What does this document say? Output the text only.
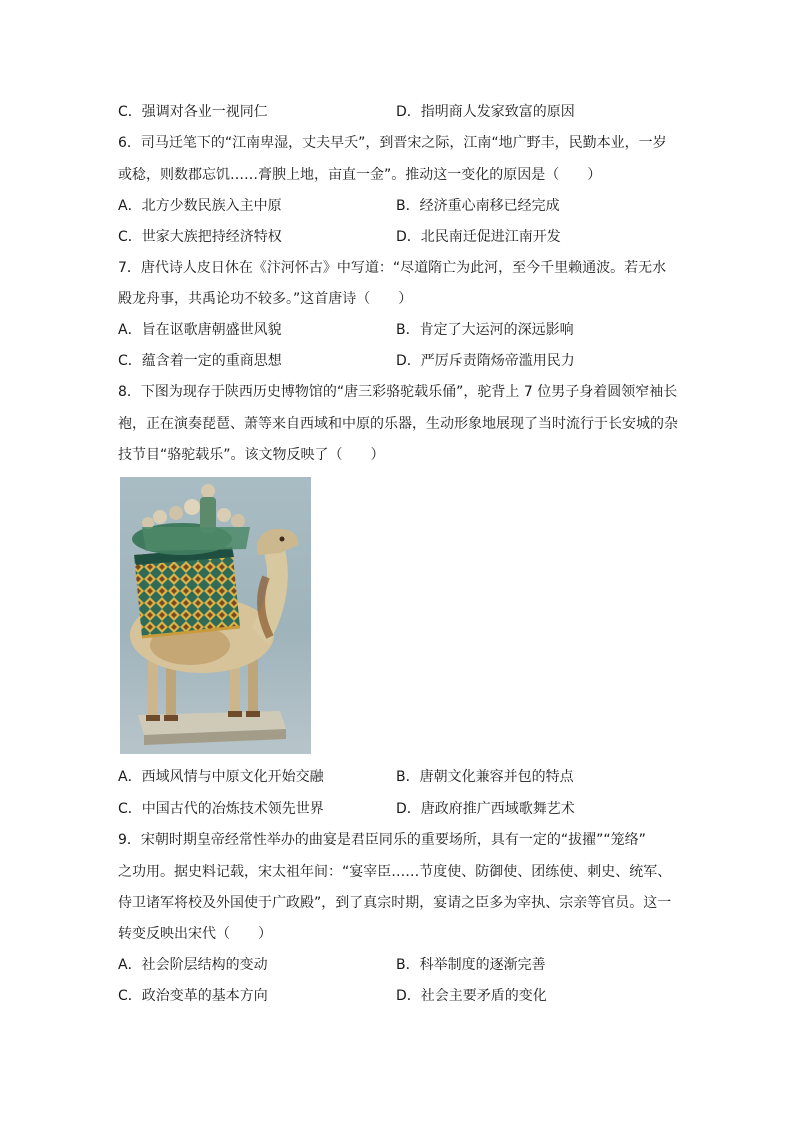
C．强调对各业一视同仁	D．指明商人发家致富的原因
6．司马迁笔下的“江南卑湿，丈夫早夭”，到晋宋之际，江南“地广野丰，民勤本业，一岁
或稔，则数郡忘饥……膏腴上地，亩直一金”。推动这一变化的原因是（　　）
A．北方少数民族入主中原	B．经济重心南移已经完成
C．世家大族把持经济特权	D．北民南迁促进江南开发
7．唐代诗人皮日休在《汴河怀古》中写道：“尽道隋亡为此河，至今千里赖通波。若无水
殿龙舟事，共禹论功不较多。”这首唐诗（　　）
A．旨在讴歌唐朝盛世风貌	B．肯定了大运河的深远影响
C．蕴含着一定的重商思想	D．严厉斥责隋炀帝滥用民力
8．下图为现存于陕西历史博物馆的“唐三彩骆驼载乐俑”，驼背上 7 位男子身着圆领窄袖长
袍，正在演奏琵琶、萧等来自西域和中原的乐器，生动形象地展现了当时流行于长安城的杂
技节目“骆驼载乐”。该文物反映了（　　）
A．西域风情与中原文化开始交融	B．唐朝文化兼容并包的特点
C．中国古代的冶炼技术领先世界	D．唐政府推广西域歌舞艺术
9．宋朝时期皇帝经常性举办的曲宴是君臣同乐的重要场所，具有一定的“拔擢”“笼络”
之功用。据史料记载，宋太祖年间：“宴宰臣……节度使、防御使、团练使、刺史、统军、
侍卫诸军将校及外国使于广政殿”，到了真宗时期，宴请之臣多为宰执、宗亲等官员。这一
转变反映出宋代（　　）
A．社会阶层结构的变动	B．科举制度的逐渐完善
C．政治变革的基本方向	D．社会主要矛盾的变化
